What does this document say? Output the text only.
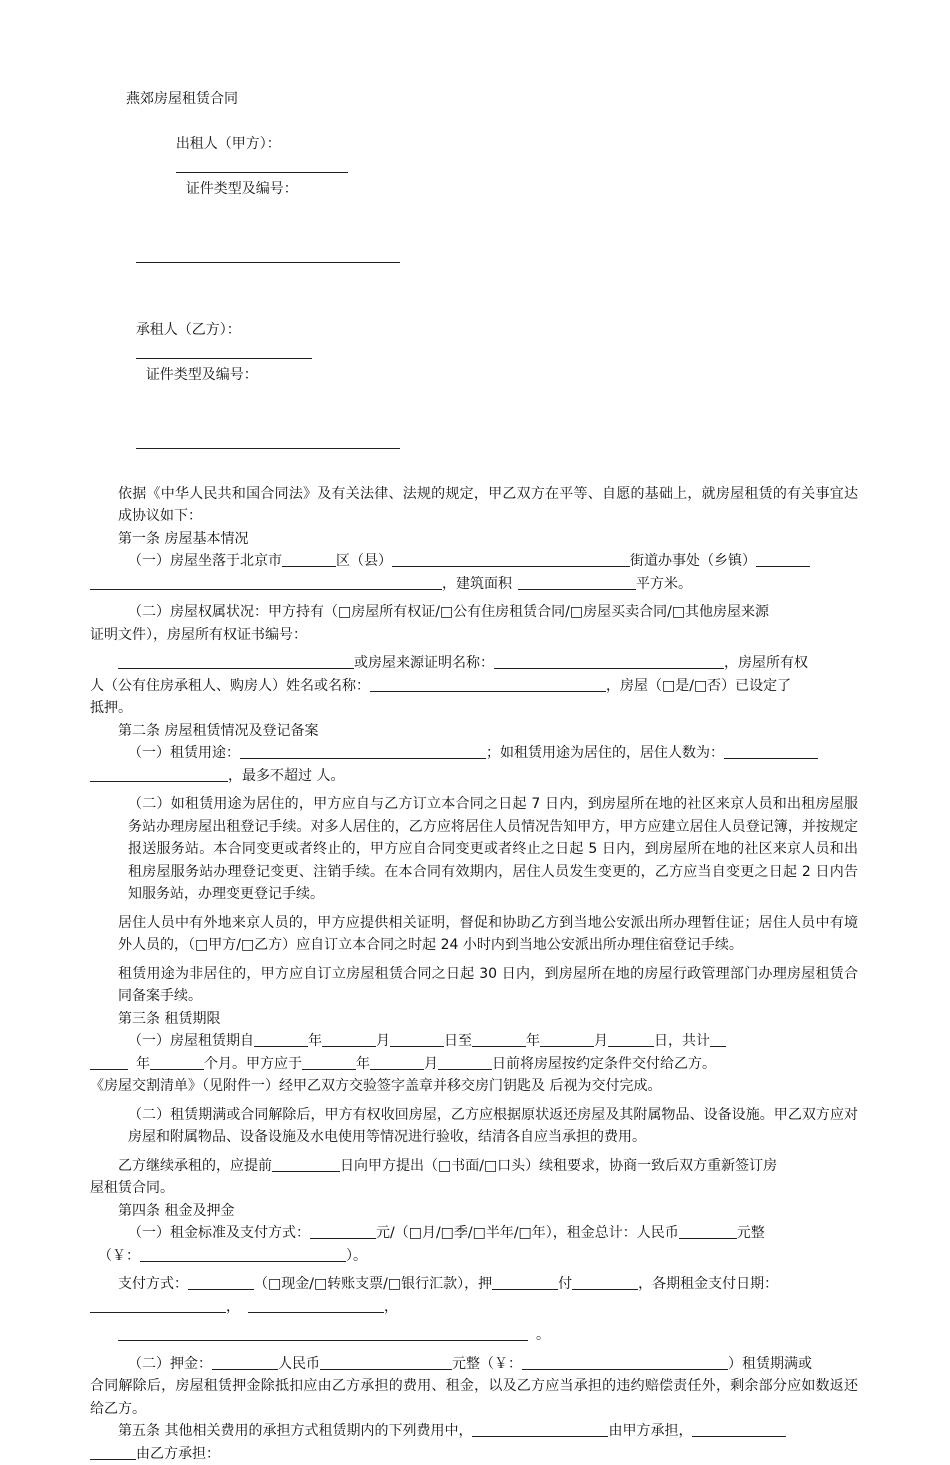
燕郊房屋租赁合同

出租人（甲方）：

证件类型及编号：

承租人（乙方）：

证件类型及编号：

依据《中华人民共和国合同法》及有关法律、法规的规定，甲乙双方在平等、自愿的基础上，就房屋租赁的有关事宜达成协议如下：
第一条 房屋基本情况
（一）房屋坐落于北京市	区（县）	街道办事处（乡镇）
，建筑面积	平方米。
（二）房屋权属状况：甲方持有（□房屋所有权证/□公有住房租赁合同/□房屋买卖合同/□其他房屋来源
证明文件），房屋所有权证书编号：
或房屋来源证明名称：	，房屋所有权
人（公有住房承租人、购房人）姓名或名称：	，房屋（□是/□否）已设定了
抵押。
第二条 房屋租赁情况及登记备案
（一）租赁用途：	；如租赁用途为居住的，居住人数为：
，最多不超过 人。
（二）如租赁用途为居住的，甲方应自与乙方订立本合同之日起 7 日内，到房屋所在地的社区来京人员和出租房屋服务站办理房屋出租登记手续。对多人居住的，乙方应将居住人员情况告知甲方，甲方应建立居住人员登记簿，并按规定报送服务站。本合同变更或者终止的，甲方应自合同变更或者终止之日起 5 日内，到房屋所在地的社区来京人员和出租房屋服务站办理登记变更、注销手续。在本合同有效期内，居住人员发生变更的，乙方应当自变更之日起 2 日内告知服务站，办理变更登记手续。
居住人员中有外地来京人员的，甲方应提供相关证明，督促和协助乙方到当地公安派出所办理暂住证；居住人员中有境外人员的，（□甲方/□乙方）应自订立本合同之时起 24 小时内到当地公安派出所办理住宿登记手续。
租赁用途为非居住的，甲方应自订立房屋租赁合同之日起 30 日内，到房屋所在地的房屋行政管理部门办理房屋租赁合同备案手续。
第三条 租赁期限
（一）房屋租赁期自	年	月	日至	年	月	日，共计
年	个月。甲方应于	年	月	日前将房屋按约定条件交付给乙方。
《房屋交割清单》（见附件一）经甲乙双方交验签字盖章并移交房门钥匙及 后视为交付完成。
（二）租赁期满或合同解除后，甲方有权收回房屋，乙方应根据原状返还房屋及其附属物品、设备设施。甲乙双方应对房屋和附属物品、设备设施及水电使用等情况进行验收，结清各自应当承担的费用。
乙方继续承租的，应提前	日向甲方提出（□书面/□口头）续租要求，协商一致后双方重新签订房
屋租赁合同。
第四条 租金及押金
（一）租金标准及支付方式：	元/（□月/□季/□半年/□年），租金总计：人民币	元整
（￥：	）。
支付方式：	（□现金/□转账支票/□银行汇款），押	付	，各期租金支付日期：
，	，
。
（二）押金：	人民币	元整（￥：	）租赁期满或
合同解除后，房屋租赁押金除抵扣应由乙方承担的费用、租金，以及乙方应当承担的违约赔偿责任外，剩余部分应如数返还给乙方。
第五条 其他相关费用的承担方式租赁期内的下列费用中，	由甲方承担，
由乙方承担：
